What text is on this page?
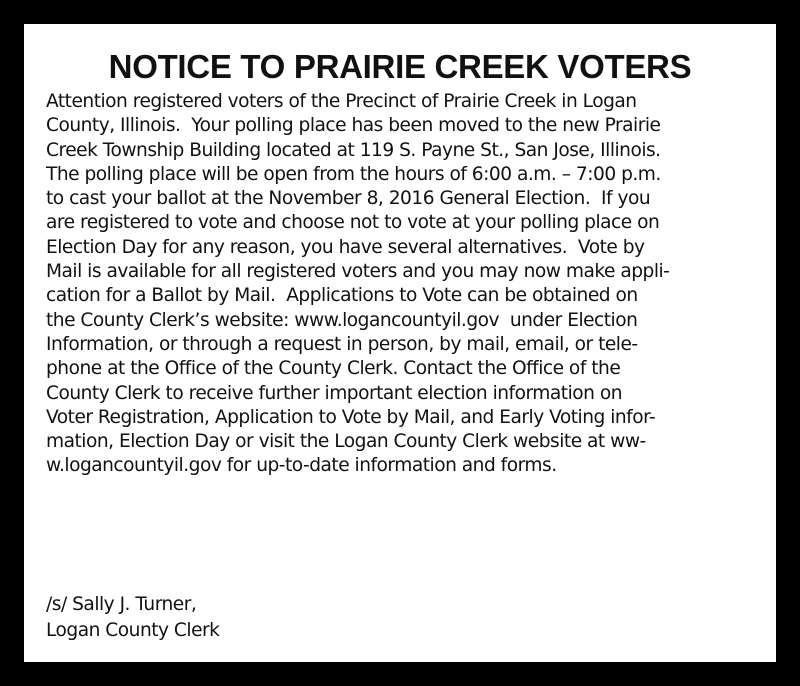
NOTICE TO PRAIRIE CREEK VOTERS
Attention registered voters of the Precinct of Prairie Creek in Logan
County, Illinois.  Your polling place has been moved to the new Prairie
Creek Township Building located at 119 S. Payne St., San Jose, Illinois.
The polling place will be open from the hours of 6:00 a.m. – 7:00 p.m.
to cast your ballot at the November 8, 2016 General Election.  If you
are registered to vote and choose not to vote at your polling place on
Election Day for any reason, you have several alternatives.  Vote by
Mail is available for all registered voters and you may now make appli-
cation for a Ballot by Mail.  Applications to Vote can be obtained on
the County Clerk’s website: www.logancountyil.gov  under Election
Information, or through a request in person, by mail, email, or tele-
phone at the Office of the County Clerk. Contact the Office of the
County Clerk to receive further important election information on
Voter Registration, Application to Vote by Mail, and Early Voting infor-
mation, Election Day or visit the Logan County Clerk website at ww-
w.logancountyil.gov for up-to-date information and forms.
/s/ Sally J. Turner,
Logan County Clerk
